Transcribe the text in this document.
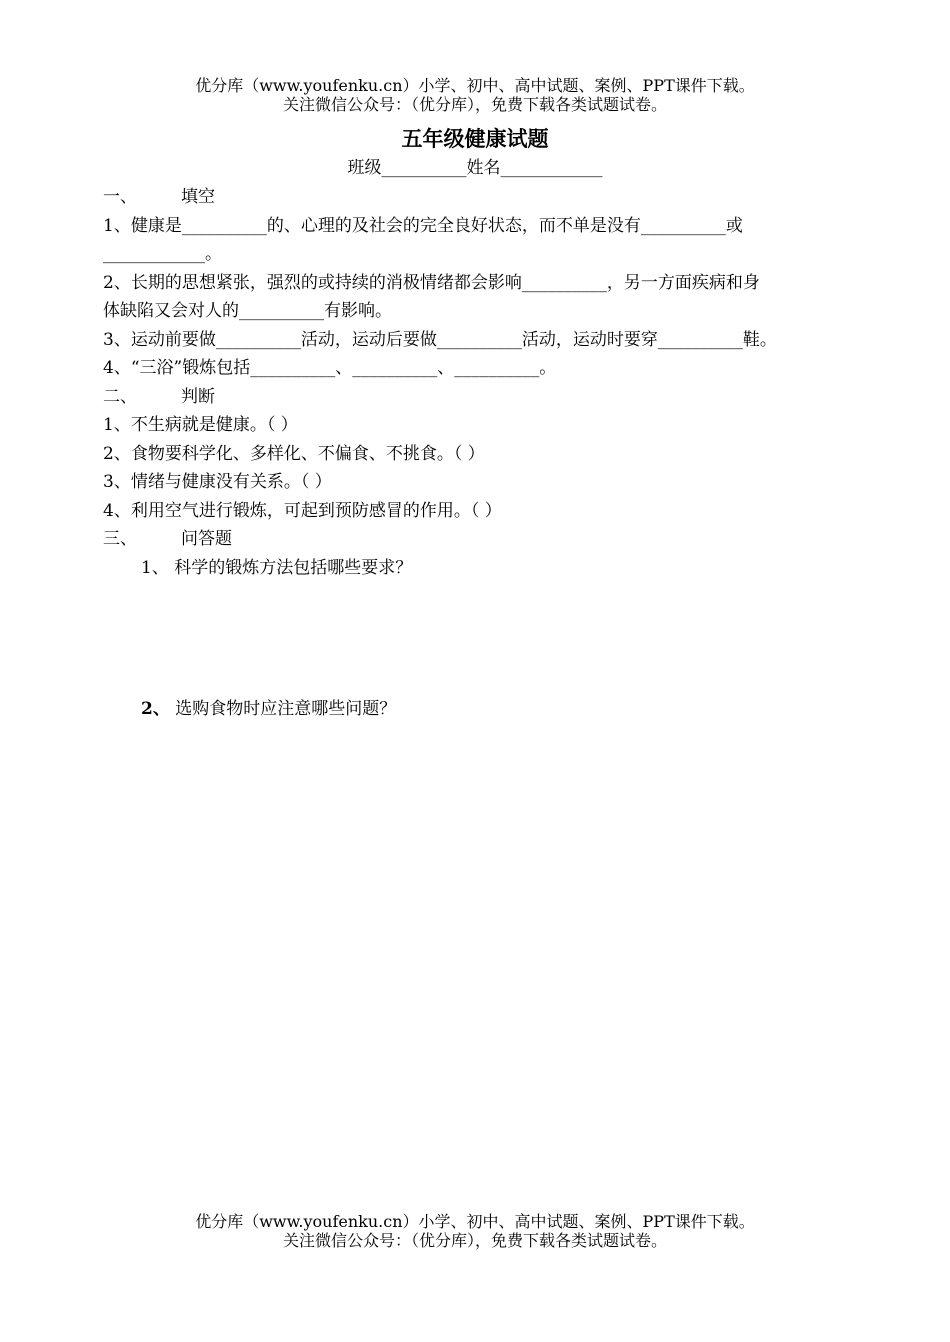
优分库（www.youfenku.cn）小学、初中、高中试题、案例、PPT课件下载。
关注微信公众号：（优分库），免费下载各类试题试卷。
五年级健康试题
班级__________姓名____________
一、	填空
1、健康是__________的、心理的及社会的完全良好状态，而不单是没有__________或
____________。
2、长期的思想紧张，强烈的或持续的消极情绪都会影响__________，另一方面疾病和身
体缺陷又会对人的__________有影响。
3、运动前要做__________活动，运动后要做__________活动，运动时要穿__________鞋。
4、“三浴”锻炼包括__________、__________、__________。
二、	判断
1、不生病就是健康。（ ）
2、食物要科学化、多样化、不偏食、不挑食。（ ）
3、情绪与健康没有关系。（ ）
4、利用空气进行锻炼，可起到预防感冒的作用。（ ）
三、	问答题
1、 科学的锻炼方法包括哪些要求？
2、 选购食物时应注意哪些问题？
优分库（www.youfenku.cn）小学、初中、高中试题、案例、PPT课件下载。
关注微信公众号：（优分库），免费下载各类试题试卷。
